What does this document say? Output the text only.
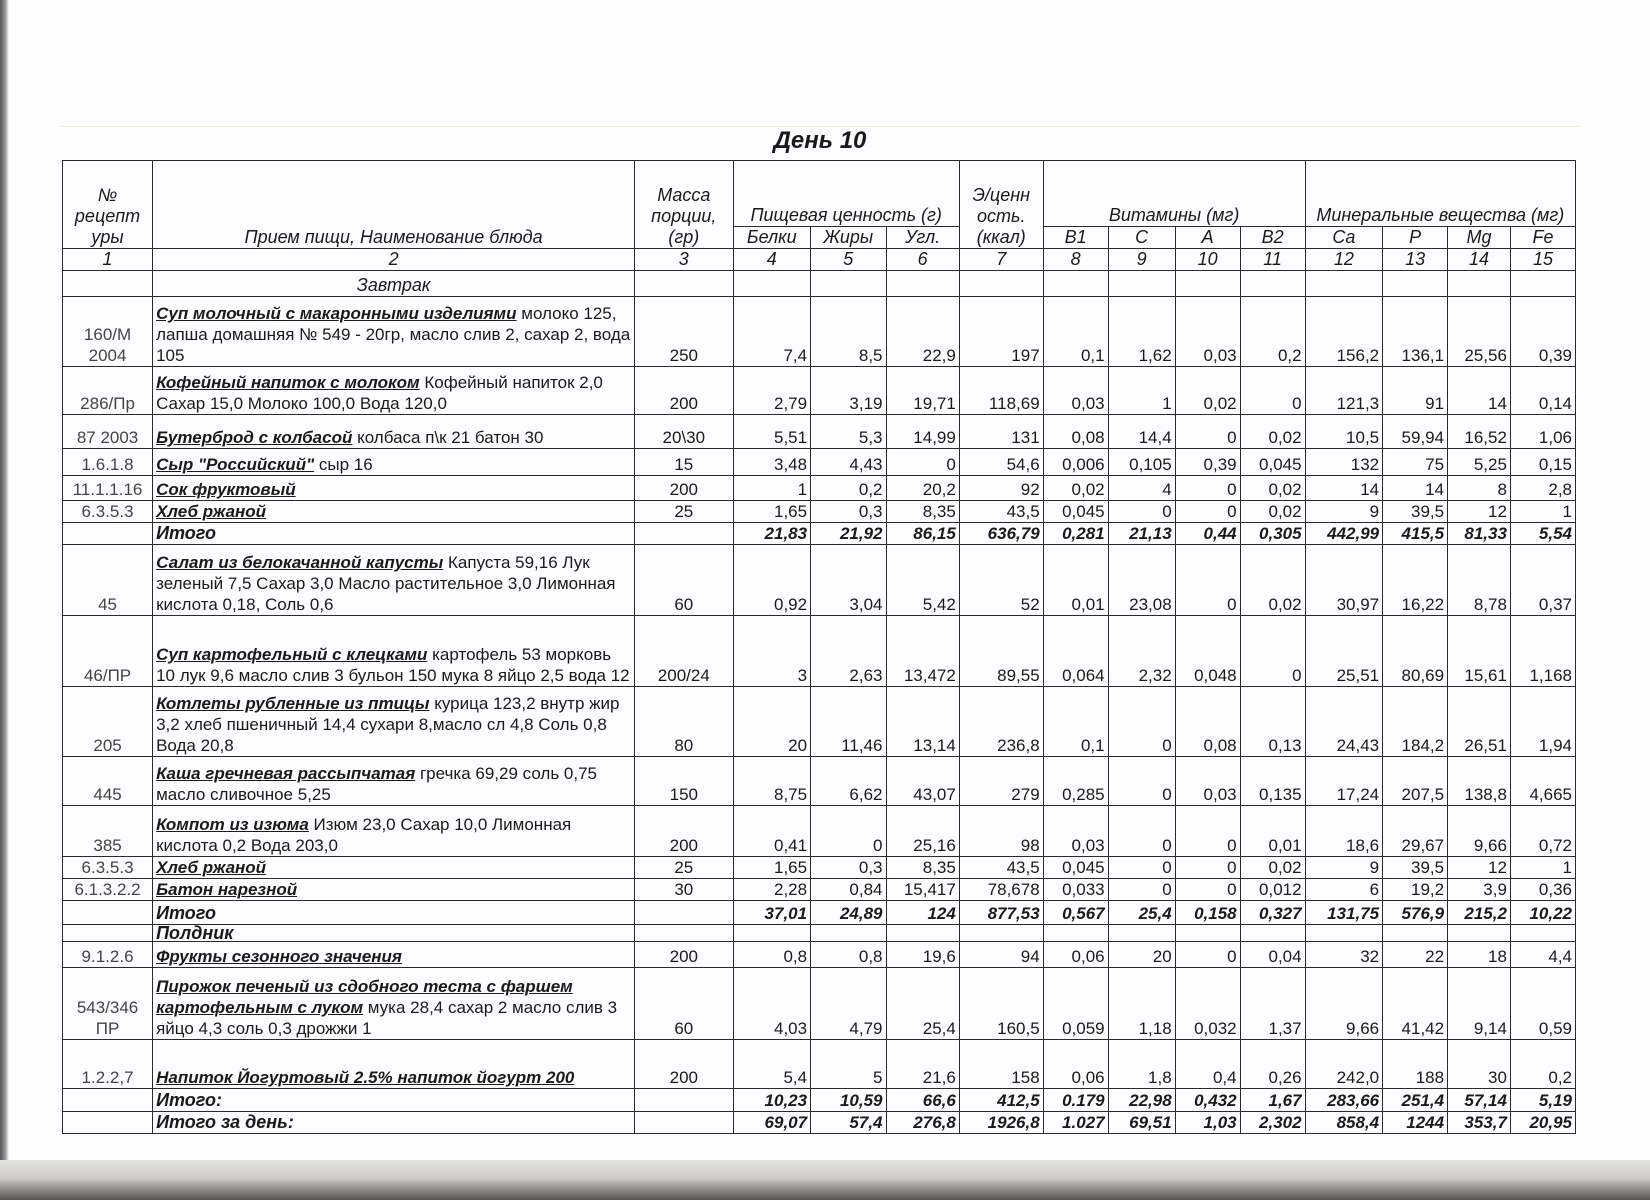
День 10
№ рецепт уры	Прием пищи, Наименование блюда	Масса порции, (гр)	Пищевая ценность (г)			Э/ценн ость. (ккал)	Витамины (мг)				Минеральные вещества (мг)			
			Белки	Жиры	Угл.		B1	C	A	B2	Ca	P	Mg	Fe
1	2	3	4	5	6	7	8	9	10	11	12	13	14	15
	Завтрак													
160/М 2004	Суп молочный с макаронными изделиями молоко 125, лапша домашняя № 549 - 20гр, масло слив 2, сахар 2, вода 105	250	7,4	8,5	22,9	197	0,1	1,62	0,03	0,2	156,2	136,1	25,56	0,39
286/Пр	Кофейный напиток с молоком Кофейный напиток 2,0 Сахар 15,0 Молоко 100,0 Вода 120,0	200	2,79	3,19	19,71	118,69	0,03	1	0,02	0	121,3	91	14	0,14
87 2003	Бутерброд с колбасой колбаса п\к 21 батон 30	20\30	5,51	5,3	14,99	131	0,08	14,4	0	0,02	10,5	59,94	16,52	1,06
1.6.1.8	Сыр "Российский" сыр 16	15	3,48	4,43	0	54,6	0,006	0,105	0,39	0,045	132	75	5,25	0,15
11.1.1.16	Сок фруктовый	200	1	0,2	20,2	92	0,02	4	0	0,02	14	14	8	2,8
6.3.5.3	Хлеб ржаной	25	1,65	0,3	8,35	43,5	0,045	0	0	0,02	9	39,5	12	1
	Итого		21,83	21,92	86,15	636,79	0,281	21,13	0,44	0,305	442,99	415,5	81,33	5,54
45	Салат из белокачанной капусты Капуста 59,16 Лук зеленый 7,5 Сахар 3,0 Масло растительное 3,0 Лимонная кислота 0,18, Соль 0,6	60	0,92	3,04	5,42	52	0,01	23,08	0	0,02	30,97	16,22	8,78	0,37
46/ПР	Суп картофельный с клецками картофель 53 морковь 10 лук 9,6 масло слив 3 бульон 150 мука 8 яйцо 2,5 вода 12	200/24	3	2,63	13,472	89,55	0,064	2,32	0,048	0	25,51	80,69	15,61	1,168
205	Котлеты рубленные из птицы курица 123,2 внутр жир 3,2 хлеб пшеничный 14,4 сухари 8,масло сл 4,8 Соль 0,8 Вода 20,8	80	20	11,46	13,14	236,8	0,1	0	0,08	0,13	24,43	184,2	26,51	1,94
445	Каша гречневая рассыпчатая гречка 69,29 соль 0,75 масло сливочное 5,25	150	8,75	6,62	43,07	279	0,285	0	0,03	0,135	17,24	207,5	138,8	4,665
385	Компот из изюма Изюм 23,0 Сахар 10,0 Лимонная кислота 0,2 Вода 203,0	200	0,41	0	25,16	98	0,03	0	0	0,01	18,6	29,67	9,66	0,72
6.3.5.3	Хлеб ржаной	25	1,65	0,3	8,35	43,5	0,045	0	0	0,02	9	39,5	12	1
6.1.3.2.2	Батон нарезной	30	2,28	0,84	15,417	78,678	0,033	0	0	0,012	6	19,2	3,9	0,36
	Итого		37,01	24,89	124	877,53	0,567	25,4	0,158	0,327	131,75	576,9	215,2	10,22
	Полдник													
9.1.2.6	Фрукты сезонного значения	200	0,8	0,8	19,6	94	0,06	20	0	0,04	32	22	18	4,4
543/346 ПР	Пирожок печеный из сдобного теста с фаршем картофельным с луком мука 28,4 сахар 2 масло слив 3 яйцо 4,3 соль 0,3 дрожжи 1	60	4,03	4,79	25,4	160,5	0,059	1,18	0,032	1,37	9,66	41,42	9,14	0,59
1.2.2,7	Напиток Йогуртовый 2.5% напиток йогурт 200	200	5,4	5	21,6	158	0,06	1,8	0,4	0,26	242,0	188	30	0,2
	Итого:		10,23	10,59	66,6	412,5	0.179	22,98	0,432	1,67	283,66	251,4	57,14	5,19
	Итого за день:		69,07	57,4	276,8	1926,8	1.027	69,51	1,03	2,302	858,4	1244	353,7	20,95
